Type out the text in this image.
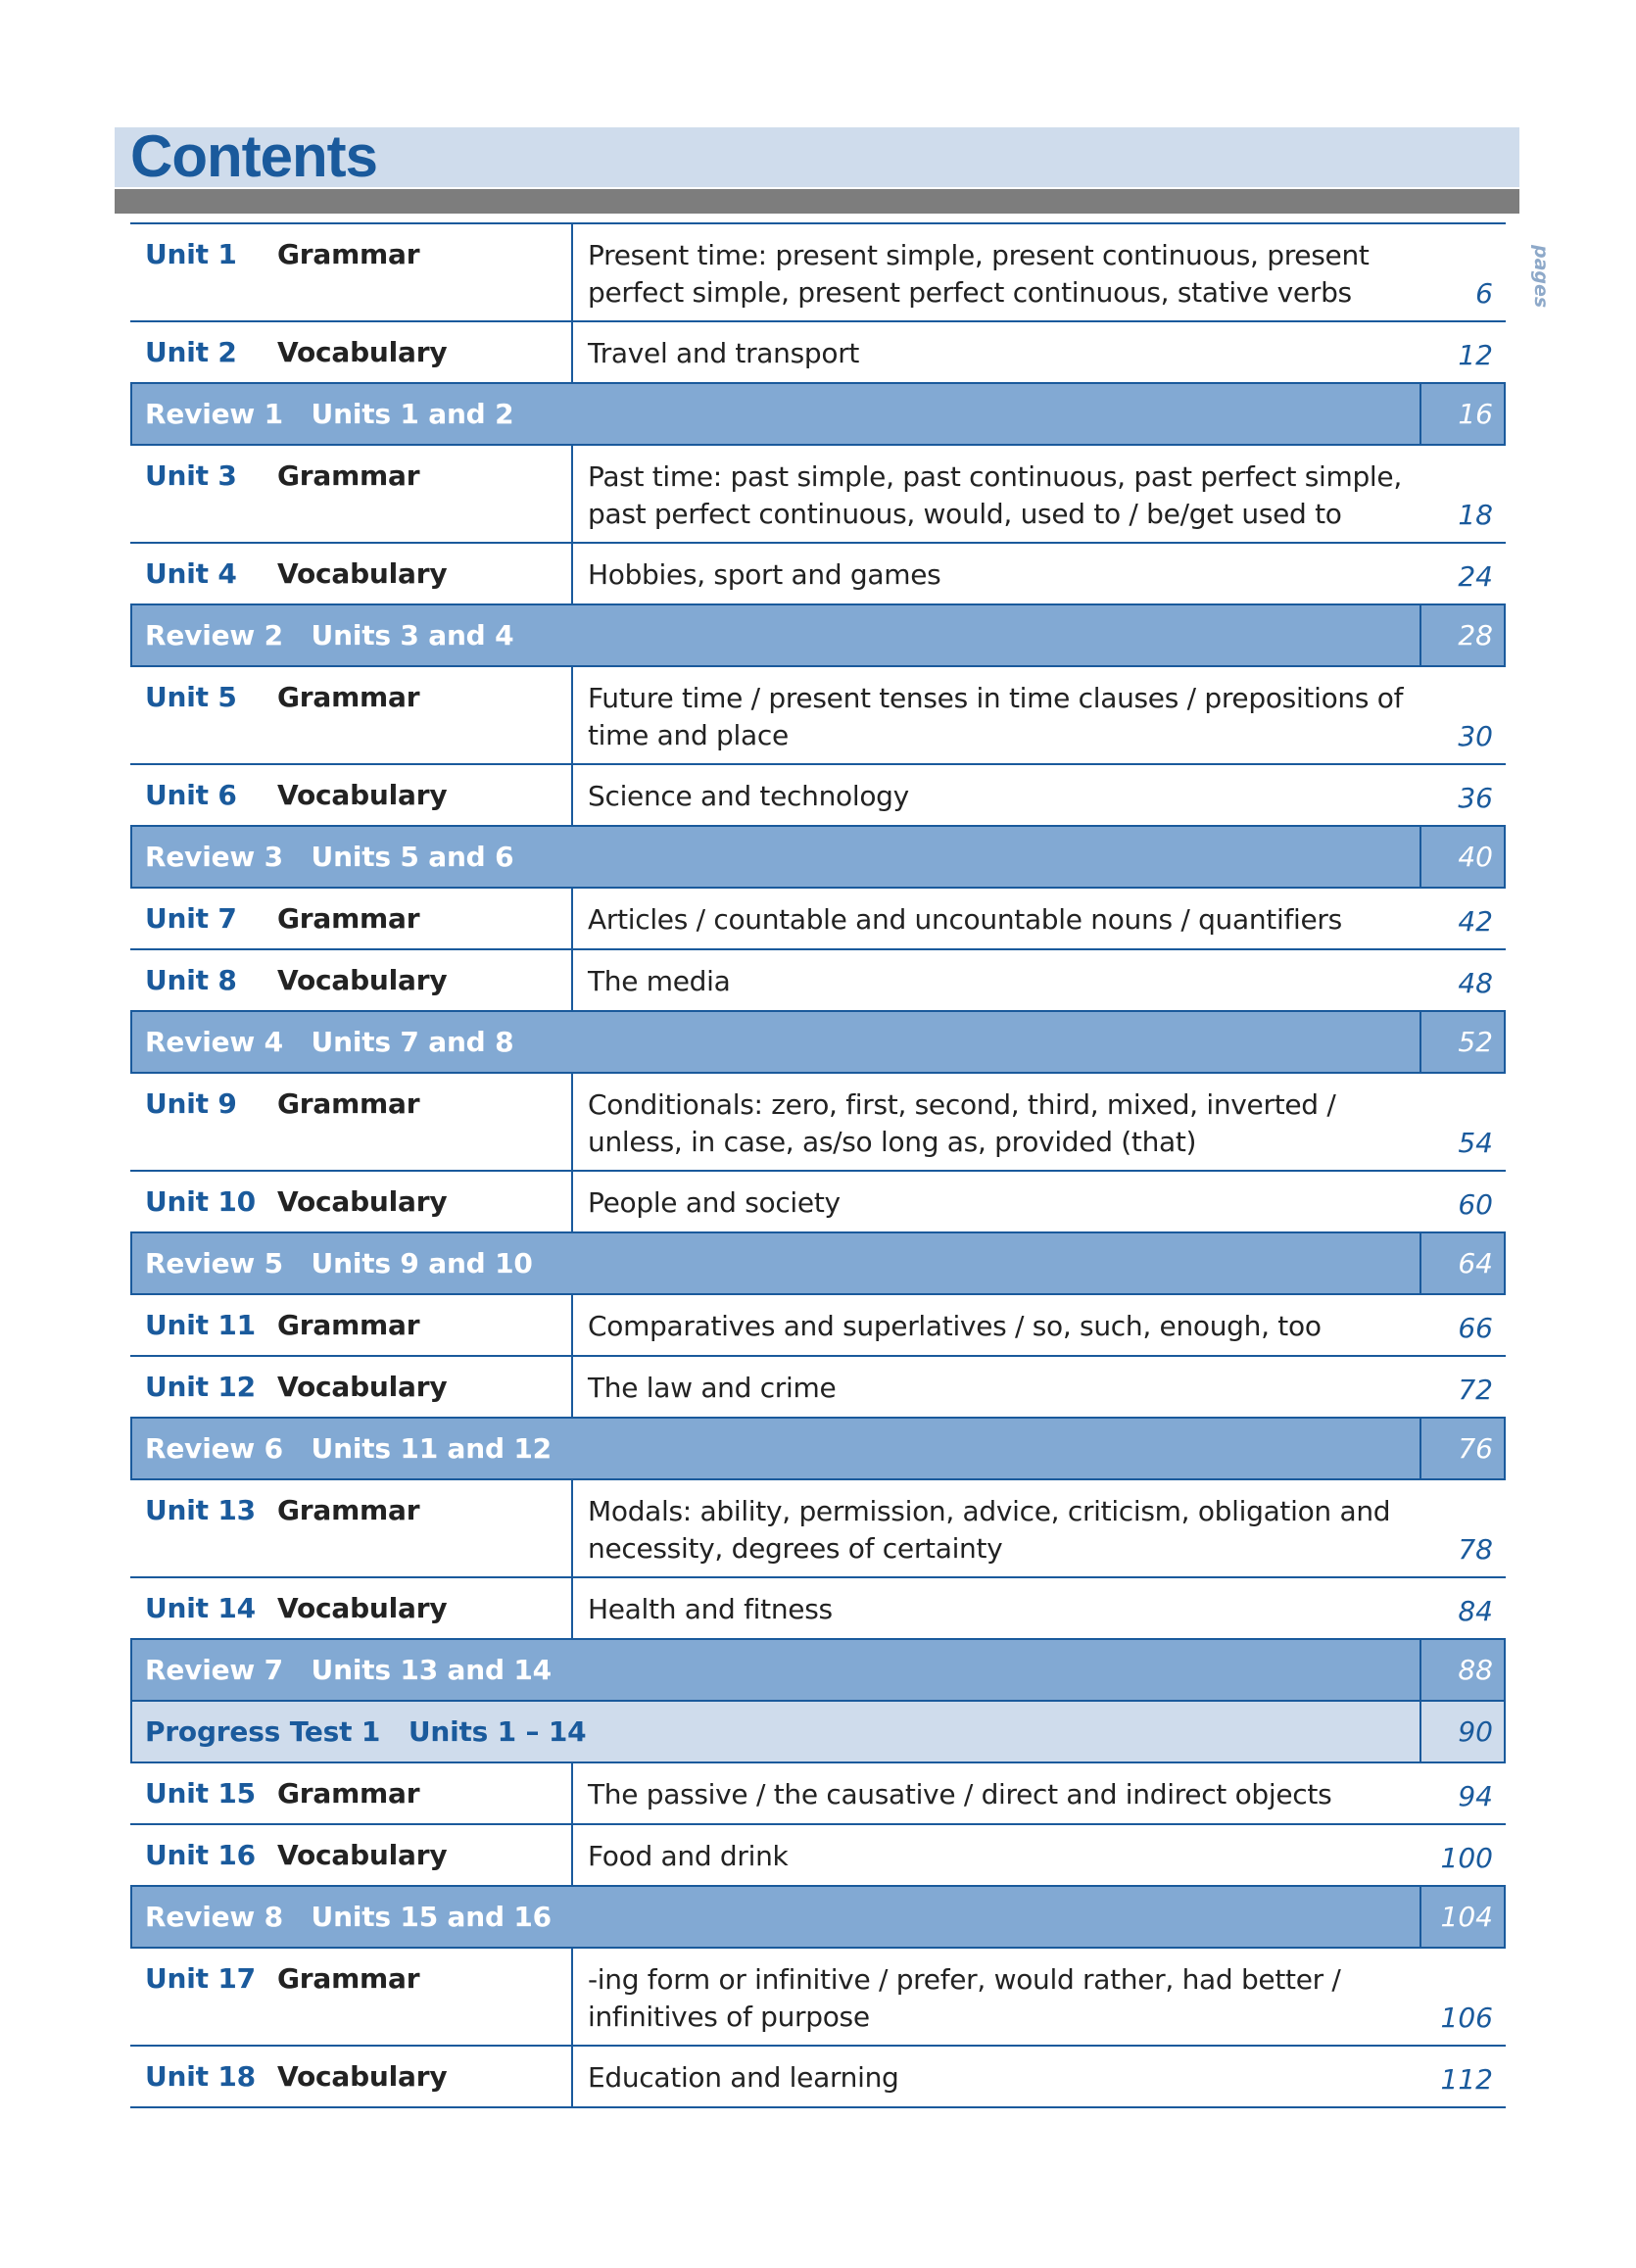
Contents
pages
Unit 1 Grammar	Present time: present simple, present continuous, present
perfect simple, present perfect continuous, stative verbs	6
Unit 2 Vocabulary	Travel and transport	12
Review 1 Units 1 and 2	16
Unit 3 Grammar	Past time: past simple, past continuous, past perfect simple,
past perfect continuous, would, used to / be/get used to	18
Unit 4 Vocabulary	Hobbies, sport and games	24
Review 2 Units 3 and 4	28
Unit 5 Grammar	Future time / present tenses in time clauses / prepositions of
time and place	30
Unit 6 Vocabulary	Science and technology	36
Review 3 Units 5 and 6	40
Unit 7 Grammar	Articles / countable and uncountable nouns / quantifiers	42
Unit 8 Vocabulary	The media	48
Review 4 Units 7 and 8	52
Unit 9 Grammar	Conditionals: zero, first, second, third, mixed, inverted /
unless, in case, as/so long as, provided (that)	54
Unit 10 Vocabulary	People and society	60
Review 5 Units 9 and 10	64
Unit 11 Grammar	Comparatives and superlatives / so, such, enough, too	66
Unit 12 Vocabulary	The law and crime	72
Review 6 Units 11 and 12	76
Unit 13 Grammar	Modals: ability, permission, advice, criticism, obligation and
necessity, degrees of certainty	78
Unit 14 Vocabulary	Health and fitness	84
Review 7 Units 13 and 14	88
Progress Test 1 Units 1 – 14	90
Unit 15 Grammar	The passive / the causative / direct and indirect objects	94
Unit 16 Vocabulary	Food and drink	100
Review 8 Units 15 and 16	104
Unit 17 Grammar	-ing form or infinitive / prefer, would rather, had better /
infinitives of purpose	106
Unit 18 Vocabulary	Education and learning	112
